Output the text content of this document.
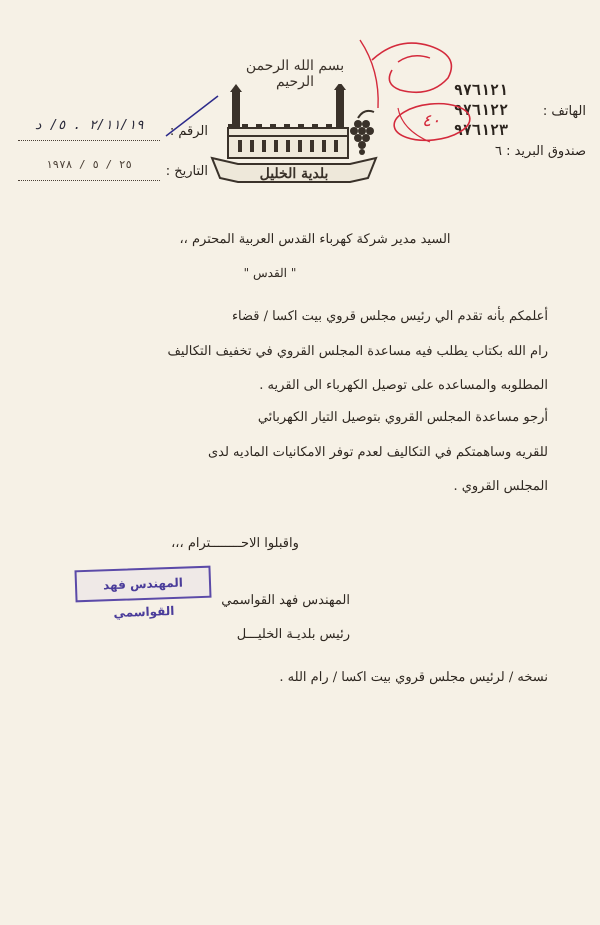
بسم الله الرحمن الرحيم
بلدية الخليل
٩٧٦١٢١
الهاتف :٩٧٦١٢٢
٩٧٦١٢٣
صندوق البريد : ٦
الرقم :
٢/١١/١٩ . ٥/ د
التاريخ :
٢٥ / ٥ / ١٩٧٨
٤٠
السيد مدير شركة كهرباء القدس العربية المحترم ،،
" القدس "
أعلمكم بأنه تقدم الي رئيس مجلس قروي بيت اكسا / قضاء
رام الله بكتاب يطلب فيه مساعدة المجلس القروي في تخفيف التكاليف
المطلوبه والمساعده على توصيل الكهرباء الى القريه .
أرجو مساعدة المجلس القروي بتوصيل التيار الكهربائي
للقريه وساهمتكم في التكاليف لعدم توفر الامكانيات الماديه لدى
المجلس القروي .
واقبلوا الاحــــــــترام ،،،
المهندس فهد القواسمي
المهندس فهد القواسمي
رئيس بلديـة الخليـــل
نسخه / لرئيس مجلس قروي بيت اكسا / رام الله .
